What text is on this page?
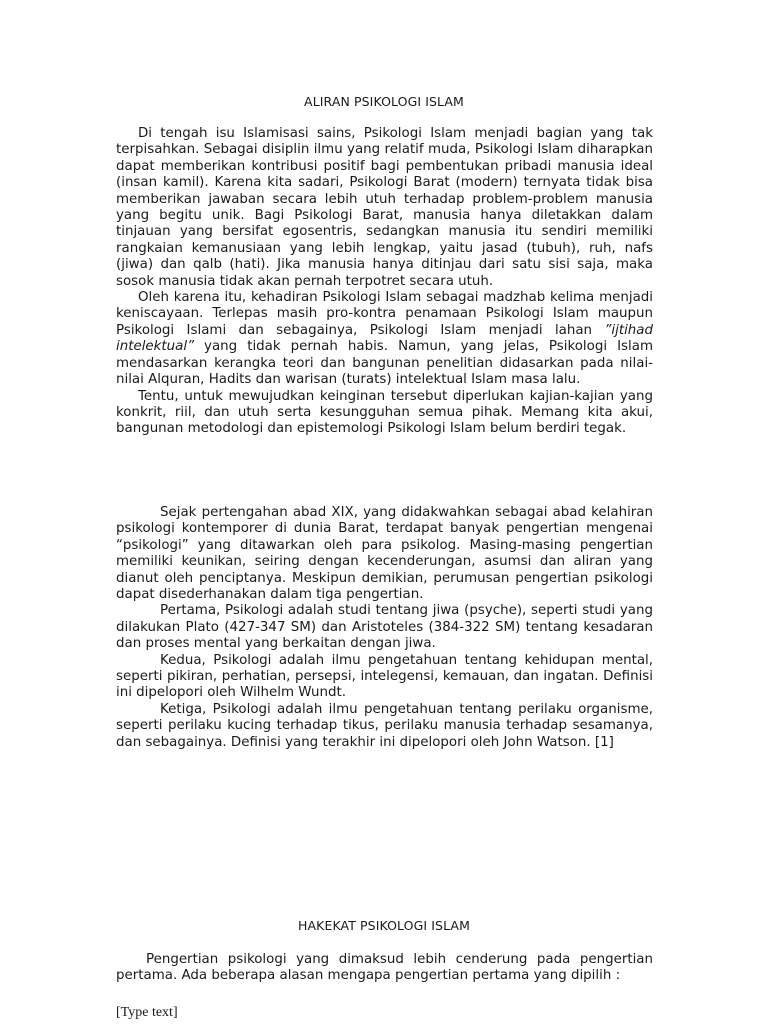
ALIRAN PSIKOLOGI ISLAM

Di tengah isu Islamisasi sains, Psikologi Islam menjadi bagian yang tak terpisahkan. Sebagai disiplin ilmu yang relatif muda, Psikologi Islam diharapkan dapat memberikan kontribusi positif bagi pembentukan pribadi manusia ideal (insan kamil). Karena kita sadari, Psikologi Barat (modern) ternyata tidak bisa memberikan jawaban secara lebih utuh terhadap problem-problem manusia yang begitu unik. Bagi Psikologi Barat, manusia hanya diletakkan dalam tinjauan yang bersifat egosentris, sedangkan manusia itu sendiri memiliki rangkaian kemanusiaan yang lebih lengkap, yaitu jasad (tubuh), ruh, nafs (jiwa) dan qalb (hati). Jika manusia hanya ditinjau dari satu sisi saja, maka sosok manusia tidak akan pernah terpotret secara utuh.

Oleh karena itu, kehadiran Psikologi Islam sebagai madzhab kelima menjadi keniscayaan. Terlepas masih pro-kontra penamaan Psikologi Islam maupun Psikologi Islami dan sebagainya, Psikologi Islam menjadi lahan ”ijtihad intelektual” yang tidak pernah habis. Namun, yang jelas, Psikologi Islam mendasarkan kerangka teori dan bangunan penelitian didasarkan pada nilai-nilai Alquran, Hadits dan warisan (turats) intelektual Islam masa lalu.

Tentu, untuk mewujudkan keinginan tersebut diperlukan kajian-kajian yang konkrit, riil, dan utuh serta kesungguhan semua pihak. Memang kita akui, bangunan metodologi dan epistemologi Psikologi Islam belum berdiri tegak.

Sejak pertengahan abad XIX, yang didakwahkan sebagai abad kelahiran psikologi kontemporer di dunia Barat, terdapat banyak pengertian mengenai “psikologi” yang ditawarkan oleh para psikolog. Masing-masing pengertian memiliki keunikan, seiring dengan kecenderungan, asumsi dan aliran yang dianut oleh penciptanya. Meskipun demikian, perumusan pengertian psikologi dapat disederhanakan dalam tiga pengertian.

Pertama, Psikologi adalah studi tentang jiwa (psyche), seperti studi yang dilakukan Plato (427-347 SM) dan Aristoteles (384-322 SM) tentang kesadaran dan proses mental yang berkaitan dengan jiwa.

Kedua, Psikologi adalah ilmu pengetahuan tentang kehidupan mental, seperti pikiran, perhatian, persepsi, intelegensi, kemauan, dan ingatan. Definisi ini dipelopori oleh Wilhelm Wundt.

Ketiga, Psikologi adalah ilmu pengetahuan tentang perilaku organisme, seperti perilaku kucing terhadap tikus, perilaku manusia terhadap sesamanya, dan sebagainya. Definisi yang terakhir ini dipelopori oleh John Watson. [1]

HAKEKAT PSIKOLOGI ISLAM

Pengertian psikologi yang dimaksud lebih cenderung pada pengertian pertama. Ada beberapa alasan mengapa pengertian pertama yang dipilih :

[Type text]
